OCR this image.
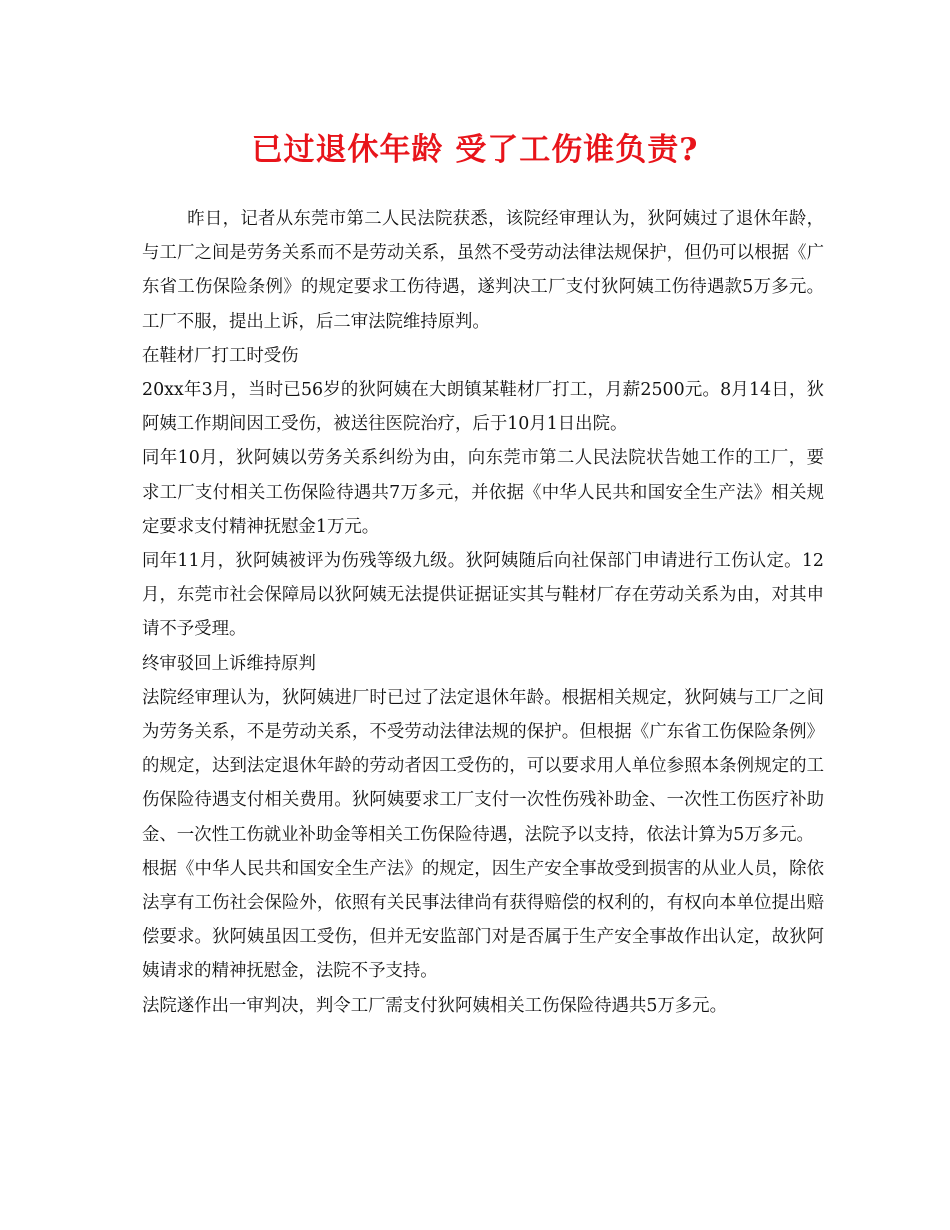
已过退休年龄 受了工伤谁负责?

昨日，记者从东莞市第二人民法院获悉，该院经审理认为，狄阿姨过了退休年龄，与工厂之间是劳务关系而不是劳动关系，虽然不受劳动法律法规保护，但仍可以根据《广东省工伤保险条例》的规定要求工伤待遇，遂判决工厂支付狄阿姨工伤待遇款5万多元。工厂不服，提出上诉，后二审法院维持原判。

在鞋材厂打工时受伤

20xx年3月，当时已56岁的狄阿姨在大朗镇某鞋材厂打工，月薪2500元。8月14日，狄阿姨工作期间因工受伤，被送往医院治疗，后于10月1日出院。

同年10月，狄阿姨以劳务关系纠纷为由，向东莞市第二人民法院状告她工作的工厂，要求工厂支付相关工伤保险待遇共7万多元，并依据《中华人民共和国安全生产法》相关规定要求支付精神抚慰金1万元。

同年11月，狄阿姨被评为伤残等级九级。狄阿姨随后向社保部门申请进行工伤认定。12月，东莞市社会保障局以狄阿姨无法提供证据证实其与鞋材厂存在劳动关系为由，对其申请不予受理。

终审驳回上诉维持原判

法院经审理认为，狄阿姨进厂时已过了法定退休年龄。根据相关规定，狄阿姨与工厂之间为劳务关系，不是劳动关系，不受劳动法律法规的保护。但根据《广东省工伤保险条例》的规定，达到法定退休年龄的劳动者因工受伤的，可以要求用人单位参照本条例规定的工伤保险待遇支付相关费用。狄阿姨要求工厂支付一次性伤残补助金、一次性工伤医疗补助金、一次性工伤就业补助金等相关工伤保险待遇，法院予以支持，依法计算为5万多元。

根据《中华人民共和国安全生产法》的规定，因生产安全事故受到损害的从业人员，除依法享有工伤社会保险外，依照有关民事法律尚有获得赔偿的权利的，有权向本单位提出赔偿要求。狄阿姨虽因工受伤，但并无安监部门对是否属于生产安全事故作出认定，故狄阿姨请求的精神抚慰金，法院不予支持。

法院遂作出一审判决，判令工厂需支付狄阿姨相关工伤保险待遇共5万多元。
